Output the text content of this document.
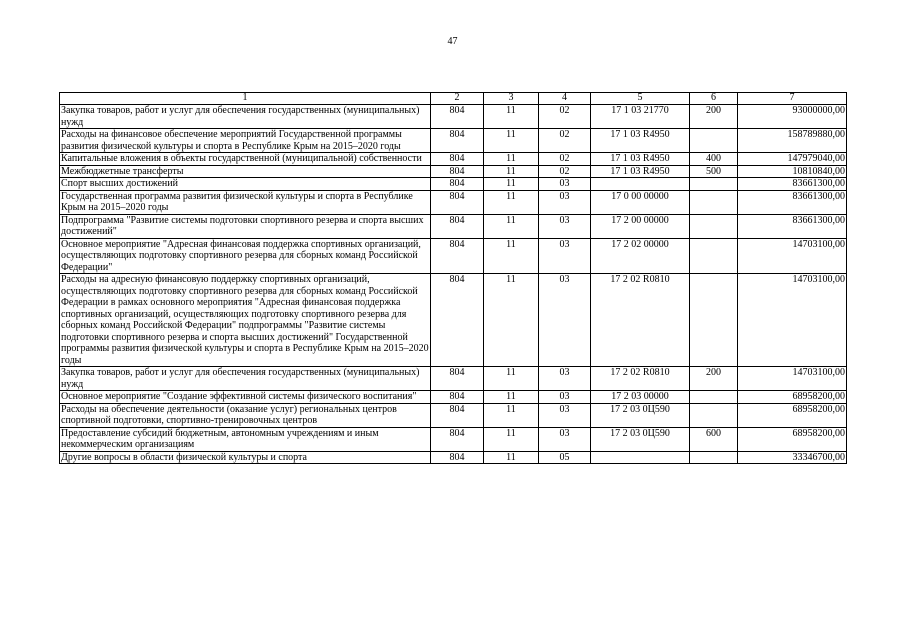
47
1	2	3	4	5	6	7
Закупка товаров, работ и услуг для обеспечения государственных (муниципальных) нужд	804	11	02	17 1 03 21770	200	93000000,00
Расходы на финансовое обеспечение мероприятий Государственной программы развития физической культуры и спорта в Республике Крым на 2015–2020 годы	804	11	02	17 1 03 R4950		158789880,00
Капитальные вложения в объекты государственной (муниципальной) собственности	804	11	02	17 1 03 R4950	400	147979040,00
Межбюджетные трансферты	804	11	02	17 1 03 R4950	500	10810840,00
Спорт высших достижений	804	11	03			83661300,00
Государственная программа развития физической культуры и спорта в Республике Крым на 2015–2020 годы	804	11	03	17 0 00 00000		83661300,00
Подпрограмма "Развитие системы подготовки спортивного резерва и спорта высших достижений"	804	11	03	17 2 00 00000		83661300,00
Основное мероприятие "Адресная финансовая поддержка спортивных организаций, осуществляющих подготовку спортивного резерва для сборных команд Российской Федерации"	804	11	03	17 2 02 00000		14703100,00
Расходы на адресную финансовую поддержку спортивных организаций, осуществляющих подготовку спортивного резерва для сборных команд Российской Федерации в рамках основного мероприятия "Адресная финансовая поддержка спортивных организаций, осуществляющих подготовку спортивного резерва для сборных команд Российской Федерации" подпрограммы "Развитие системы подготовки спортивного резерва и спорта высших достижений" Государственной программы развития физической культуры и спорта в Республике Крым на 2015–2020 годы	804	11	03	17 2 02 R0810		14703100,00
Закупка товаров, работ и услуг для обеспечения государственных (муниципальных) нужд	804	11	03	17 2 02 R0810	200	14703100,00
Основное мероприятие "Создание эффективной системы физического воспитания"	804	11	03	17 2 03 00000		68958200,00
Расходы на обеспечение деятельности (оказание услуг) региональных центров спортивной подготовки, спортивно-тренировочных центров	804	11	03	17 2 03 0Ц590		68958200,00
Предоставление субсидий бюджетным, автономным учреждениям и иным некоммерческим организациям	804	11	03	17 2 03 0Ц590	600	68958200,00
Другие вопросы в области физической культуры и спорта	804	11	05			33346700,00
